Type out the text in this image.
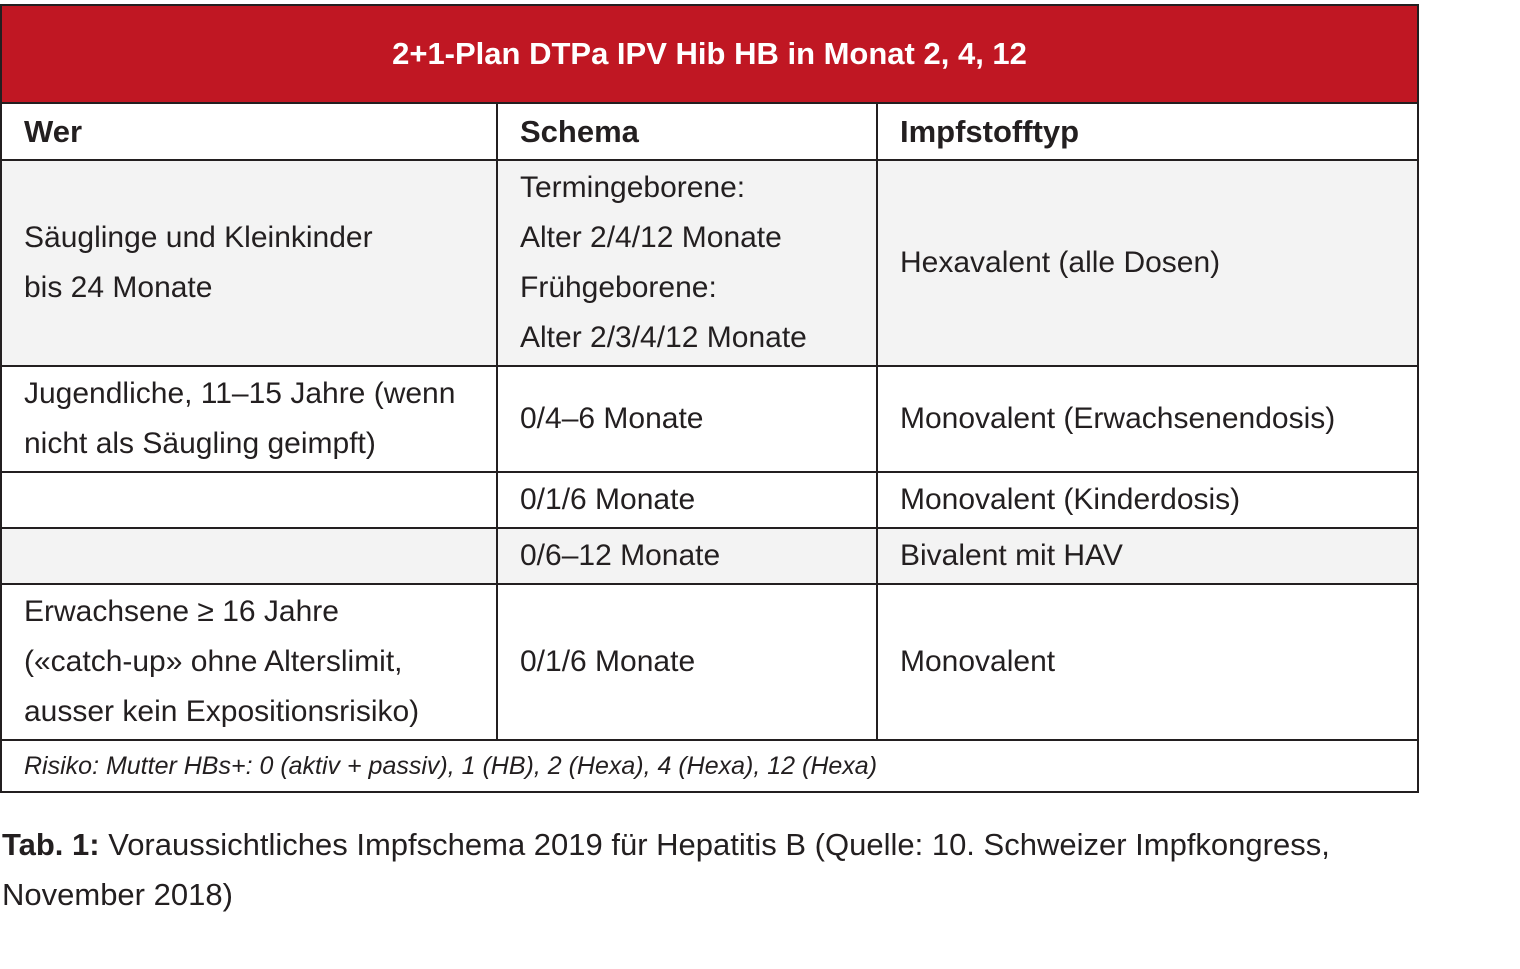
2+1-Plan DTPa IPV Hib HB in Monat 2, 4, 12		
Wer	Schema	Impfstofftyp

Säuglinge und Kleinkinder
bis 24 Monate	Termingeborene:
Alter 2/4/12 Monate
Frühgeborene:
Alter 2/3/4/12 Monate	Hexavalent (alle Dosen)

Jugendliche, 11–15 Jahre (wenn
nicht als Säugling geimpft)	0/4–6 Monate	Monovalent (Erwachsenendosis)
	0/1/6 Monate	Monovalent (Kinderdosis)
	0/6–12 Monate	Bivalent mit HAV

Erwachsene ≥ 16 Jahre
(«catch-up» ohne Alterslimit,
ausser kein Expositionsrisiko)	0/1/6 Monate	Monovalent
Risiko: Mutter HBs+: 0 (aktiv + passiv), 1 (HB), 2 (Hexa), 4 (Hexa), 12 (Hexa)		
Tab. 1: Voraussichtliches Impfschema 2019 für Hepatitis B (Quelle: 10. Schweizer Impfkongress,
November 2018)
